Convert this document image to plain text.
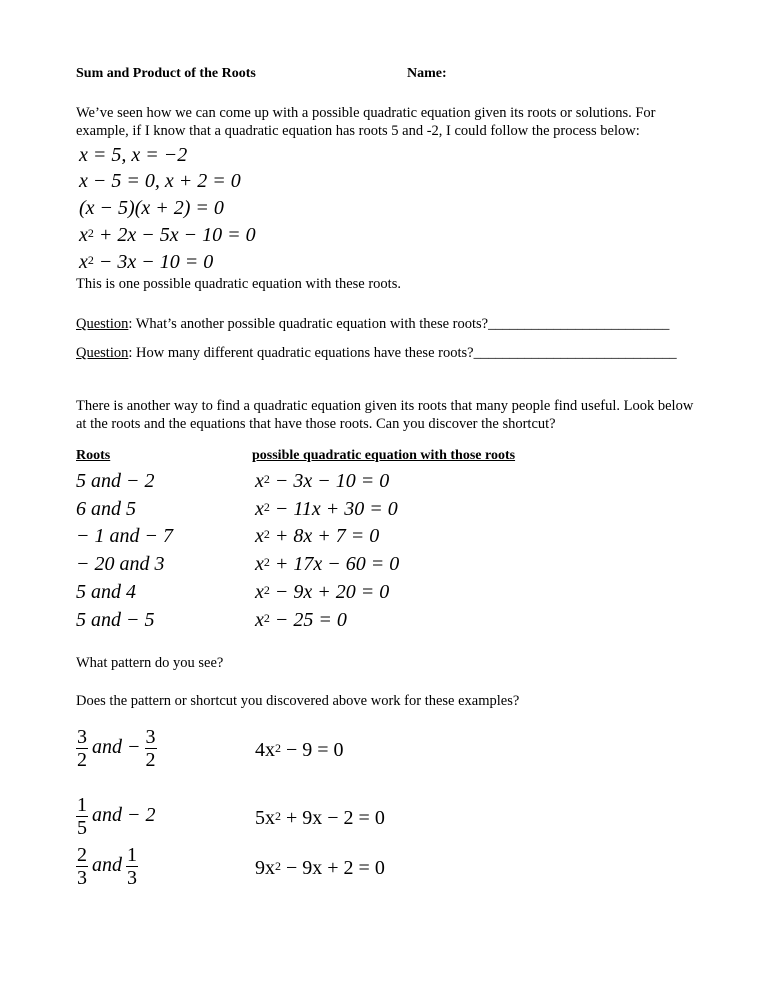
Sum and Product of the Roots	Name:
We’ve seen how we can come up with a possible quadratic equation given its roots or solutions. For
example, if I know that a quadratic equation has roots 5 and -2, I could follow the process below:
x = 5, x = −2
x − 5 = 0, x + 2 = 0
(x − 5)(x + 2) = 0
$x^2 + 2x - 5x - 10 = 0$
$x^2 - 3x - 10 = 0$
This is one possible quadratic equation with these roots.
Question: What’s another possible quadratic equation with these roots?_________________________
Question: How many different quadratic equations have these roots?____________________________
There is another way to find a quadratic equation given its roots that many people find useful. Look below
at the roots and the equations that have those roots. Can you discover the shortcut?
Roots	possible quadratic equation with those roots
5 and − 2	$x^2 - 3x - 10 = 0$
6 and 5	$x^2 - 11x + 30 = 0$
− 1 and − 7	$x^2 + 8x + 7 = 0$
− 20 and 3	$x^2 + 17x - 60 = 0$
5 and 4	$x^2 - 9x + 20 = 0$
5 and − 5	$x^2 - 25 = 0$
What pattern do you see?
Does the pattern or shortcut you discovered above work for these examples?
$\frac{3}{2}$ and − $\frac{3}{2}$	$4x^2 - 9 = 0$
$\frac{1}{5}$ and − 2	$5x^2 + 9x - 2 = 0$
$\frac{2}{3}$ and $\frac{1}{3}$	$9x^2 - 9x + 2 = 0$
